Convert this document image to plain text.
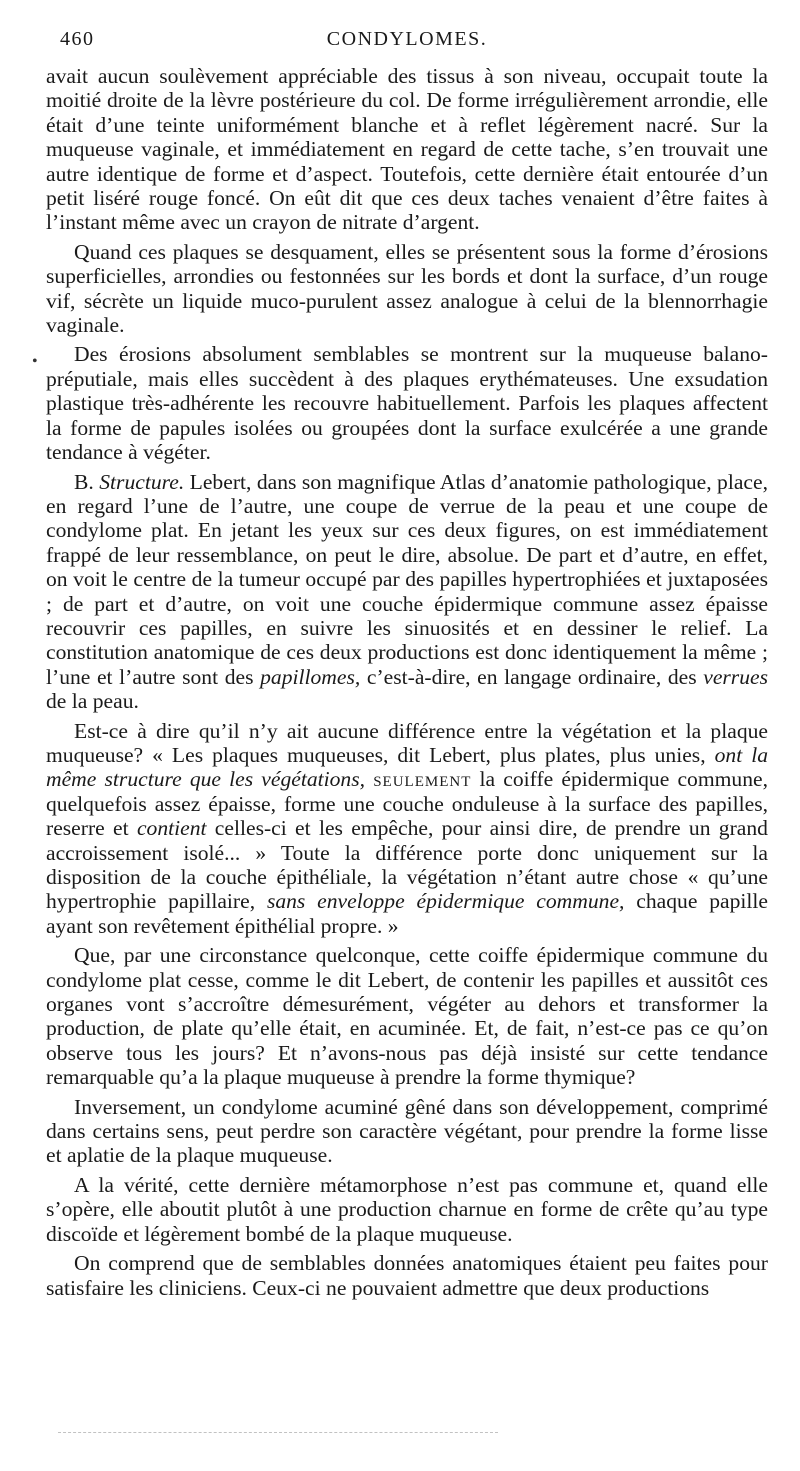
460	CONDYLOMES.

avait aucun soulèvement appréciable des tissus à son niveau, occupait toute la moitié droite de la lèvre postérieure du col. De forme irrégulièrement arrondie, elle était d’une teinte uniformément blanche et à reflet légèrement nacré. Sur la muqueuse vaginale, et immédiatement en regard de cette tache, s’en trouvait une autre identique de forme et d’aspect. Toutefois, cette dernière était entourée d’un petit liséré rouge foncé. On eût dit que ces deux taches venaient d’être faites à l’instant même avec un crayon de nitrate d’argent.

Quand ces plaques se desquament, elles se présentent sous la forme d’érosions superficielles, arrondies ou festonnées sur les bords et dont la surface, d’un rouge vif, sécrète un liquide muco-purulent assez analogue à celui de la blennorrhagie vaginale.

Des érosions absolument semblables se montrent sur la muqueuse balano-préputiale, mais elles succèdent à des plaques erythémateuses. Une exsudation plastique très-adhérente les recouvre habituellement. Parfois les plaques affectent la forme de papules isolées ou groupées dont la surface exulcérée a une grande tendance à végéter.

B. Structure. Lebert, dans son magnifique Atlas d’anatomie pathologique, place, en regard l’une de l’autre, une coupe de verrue de la peau et une coupe de condylome plat. En jetant les yeux sur ces deux figures, on est immédiatement frappé de leur ressemblance, on peut le dire, absolue. De part et d’autre, en effet, on voit le centre de la tumeur occupé par des papilles hypertrophiées et juxtaposées ; de part et d’autre, on voit une couche épidermique commune assez épaisse recouvrir ces papilles, en suivre les sinuosités et en dessiner le relief. La constitution anatomique de ces deux productions est donc identiquement la même ; l’une et l’autre sont des papillomes, c’est-à-dire, en langage ordinaire, des verrues de la peau.

Est-ce à dire qu’il n’y ait aucune différence entre la végétation et la plaque muqueuse? « Les plaques muqueuses, dit Lebert, plus plates, plus unies, ont la même structure que les végétations, seulement la coiffe épidermique commune, quelquefois assez épaisse, forme une couche onduleuse à la surface des papilles, reserre et contient celles-ci et les empêche, pour ainsi dire, de prendre un grand accroissement isolé... » Toute la différence porte donc uniquement sur la disposition de la couche épithéliale, la végétation n’étant autre chose « qu’une hypertrophie papillaire, sans enveloppe épidermique commune, chaque papille ayant son revêtement épithélial propre. »

Que, par une circonstance quelconque, cette coiffe épidermique commune du condylome plat cesse, comme le dit Lebert, de contenir les papilles et aussitôt ces organes vont s’accroître démesurément, végéter au dehors et transformer la production, de plate qu’elle était, en acuminée. Et, de fait, n’est-ce pas ce qu’on observe tous les jours? Et n’avons-nous pas déjà insisté sur cette tendance remarquable qu’a la plaque muqueuse à prendre la forme thymique?

Inversement, un condylome acuminé gêné dans son développement, comprimé dans certains sens, peut perdre son caractère végétant, pour prendre la forme lisse et aplatie de la plaque muqueuse.

A la vérité, cette dernière métamorphose n’est pas commune et, quand elle s’opère, elle aboutit plutôt à une production charnue en forme de crête qu’au type discoïde et légèrement bombé de la plaque muqueuse.

On comprend que de semblables données anatomiques étaient peu faites pour satisfaire les cliniciens. Ceux-ci ne pouvaient admettre que deux productions

•
